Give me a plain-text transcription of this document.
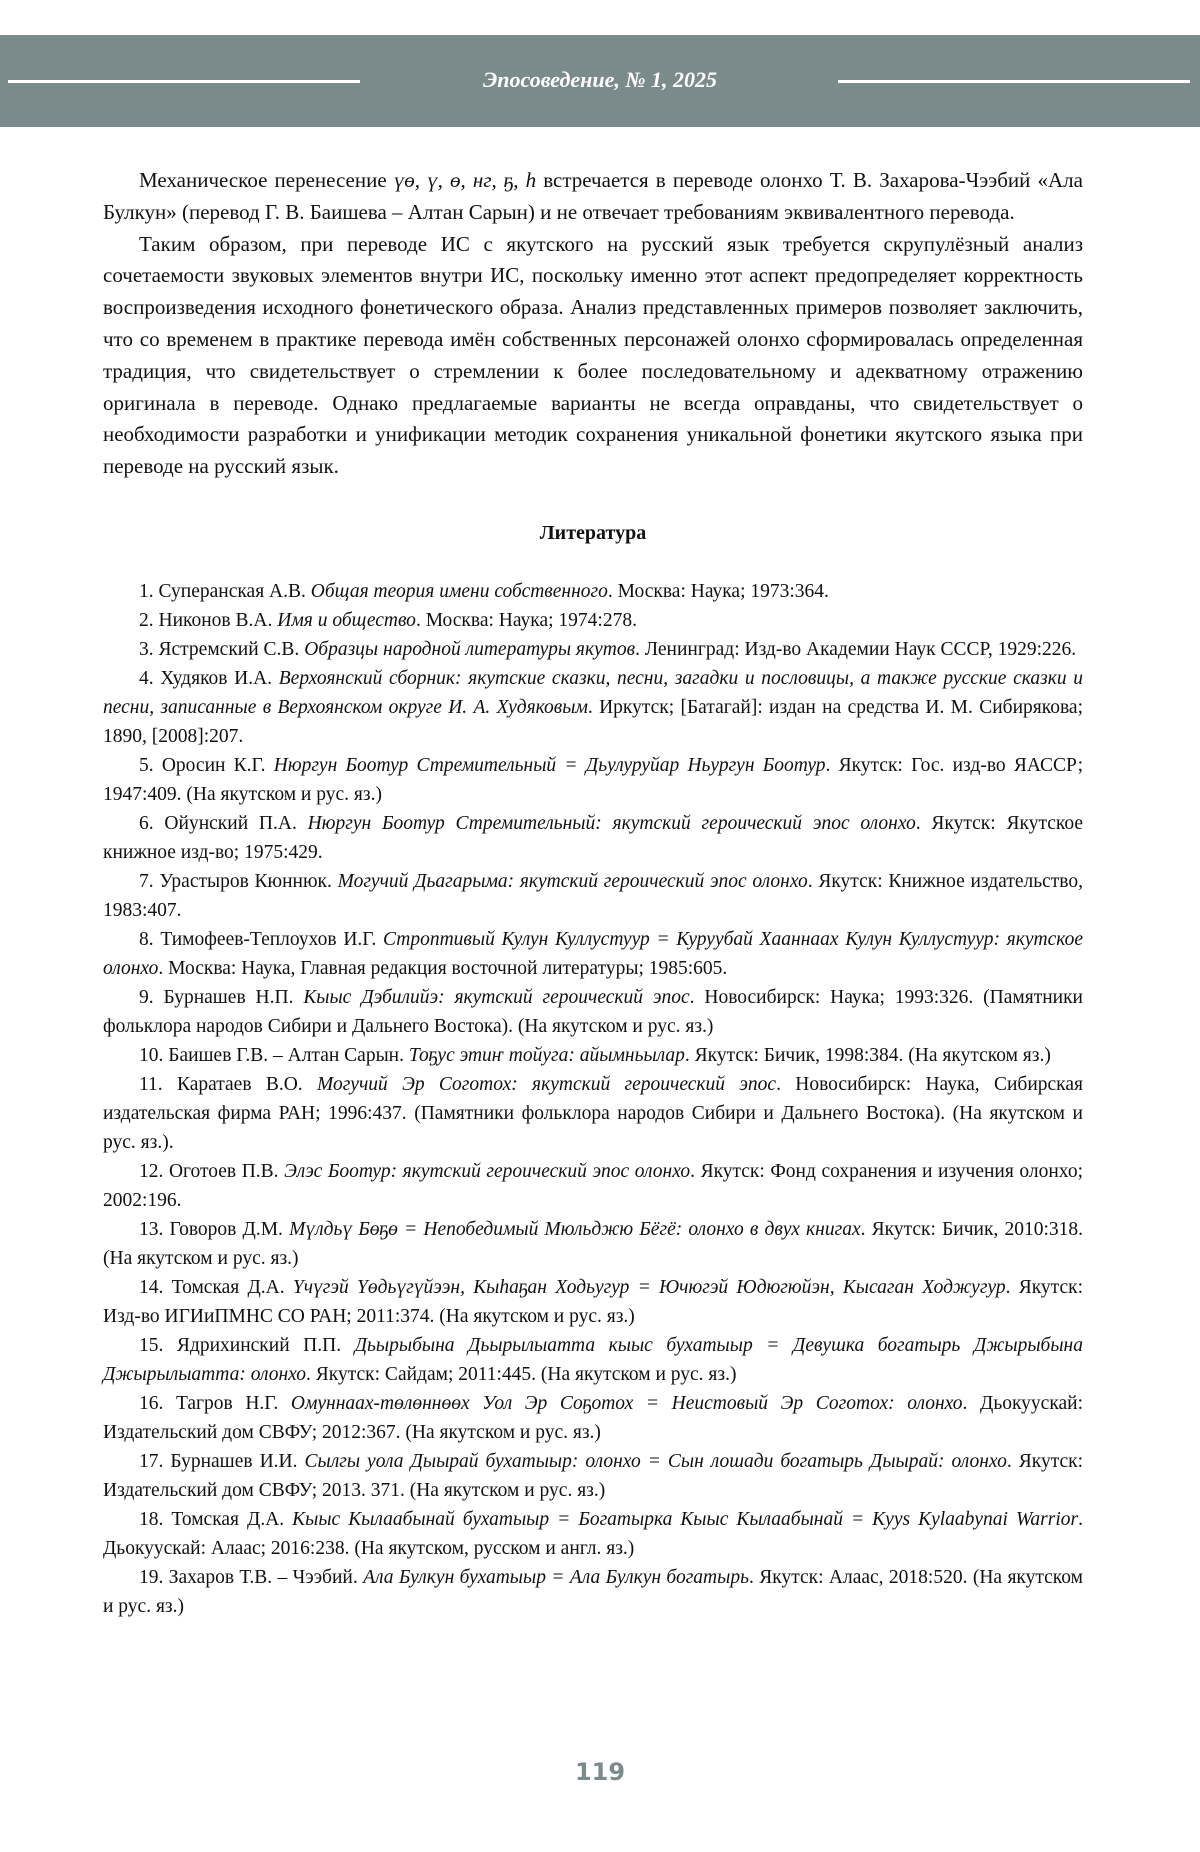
Эпосоведение, № 1, 2025

Механическое перенесение үө, ү, ө, нг, ҕ, h встречается в переводе олонхо Т. В. Захарова-Чээбий «Ала Булкун» (перевод Г. В. Баишева – Алтан Сарын) и не отвечает требованиям эквивалентного перевода.

Таким образом, при переводе ИС с якутского на русский язык требуется скрупулёзный анализ сочетаемости звуковых элементов внутри ИС, поскольку именно этот аспект предопределяет корректность воспроизведения исходного фонетического образа. Анализ представленных примеров позволяет заключить, что со временем в практике перевода имён собственных персонажей олонхо сформировалась определенная традиция, что свидетельствует о стремлении к более последовательному и адекватному отражению оригинала в переводе. Однако предлагаемые варианты не всегда оправданы, что свидетельствует о необходимости разработки и унификации методик сохранения уникальной фонетики якутского языка при переводе на русский язык.

Литература

1. Суперанская А.В. Общая теория имени собственного. Москва: Наука; 1973:364.

2. Никонов В.А. Имя и общество. Москва: Наука; 1974:278.

3. Ястремский С.В. Образцы народной литературы якутов. Ленинград: Изд-во Академии Наук СССР, 1929:226.

4. Худяков И.А. Верхоянский сборник: якутские сказки, песни, загадки и пословицы, а также русские сказки и песни, записанные в Верхоянском округе И. А. Худяковым. Иркутск; [Батагай]: издан на средства И. М. Сибирякова; 1890, [2008]:207.

5. Оросин К.Г. Нюргун Боотур Стремительный = Дьулуруйар Ньургун Боотур. Якутск: Гос. изд-во ЯАССР; 1947:409. (На якутском и рус. яз.)

6. Ойунский П.А. Нюргун Боотур Стремительный: якутский героический эпос олонхо. Якутск: Якутское книжное изд-во; 1975:429.

7. Урастыров Кюннюк. Могучий Дьагарыма: якутский героический эпос олонхо. Якутск: Книжное издательство, 1983:407.

8. Тимофеев-Теплоухов И.Г. Строптивый Кулун Куллустуур = Куруубай Хааннаах Кулун Куллустуур: якутское олонхо. Москва: Наука, Главная редакция восточной литературы; 1985:605.

9. Бурнашев Н.П. Кыыс Дэбилийэ: якутский героический эпос. Новосибирск: Наука; 1993:326. (Памятники фольклора народов Сибири и Дальнего Востока). (На якутском и рус. яз.)

10. Баишев Г.В. – Алтан Сарын. Тоҕус этиҥ тойуга: айымньылар. Якутск: Бичик, 1998:384. (На якутском яз.)

11. Каратаев В.О. Могучий Эр Соготох: якутский героический эпос. Новосибирск: Наука, Сибирская издательская фирма РАН; 1996:437. (Памятники фольклора народов Сибири и Дальнего Востока). (На якутском и рус. яз.).

12. Оготоев П.В. Элэс Боотур: якутский героический эпос олонхо. Якутск: Фонд сохранения и изучения олонхо; 2002:196.

13. Говоров Д.М. Мүлдьү Бөҕө = Непобедимый Мюльджю Бёгё: олонхо в двух книгах. Якутск: Бичик, 2010:318. (На якутском и рус. яз.)

14. Томская Д.А. Үчүгэй Үөдьүгүйээн, Кыһаҕан Ходьугур = Ючюгэй Юдюгюйэн, Кысаган Ходжугур. Якутск: Изд-во ИГИиПМНС СО РАН; 2011:374. (На якутском и рус. яз.)

15. Ядрихинский П.П. Дьырыбына Дьырылыатта кыыс бухатыыр = Девушка богатырь Джырыбына Джырылыатта: олонхо. Якутск: Сайдам; 2011:445. (На якутском и рус. яз.)

16. Тагров Н.Г. Омуннаах-төлөннөөх Уол Эр Соҕотох = Неистовый Эр Соготох: олонхо. Дьокуускай: Издательский дом СВФУ; 2012:367. (На якутском и рус. яз.)

17. Бурнашев И.И. Сылгы уола Дыырай бухатыыр: олонхо = Сын лошади богатырь Дыырай: олонхо. Якутск: Издательский дом СВФУ; 2013. 371. (На якутском и рус. яз.)

18. Томская Д.А. Кыыс Кылаабынай бухатыыр = Богатырка Кыыс Кылаабынай = Kyys Kylaabynai Warrior. Дьокуускай: Алаас; 2016:238. (На якутском, русском и англ. яз.)

19. Захаров Т.В. – Чээбий. Ала Булкун бухатыыр = Ала Булкун богатырь. Якутск: Алаас, 2018:520. (На якутском и рус. яз.)

119
